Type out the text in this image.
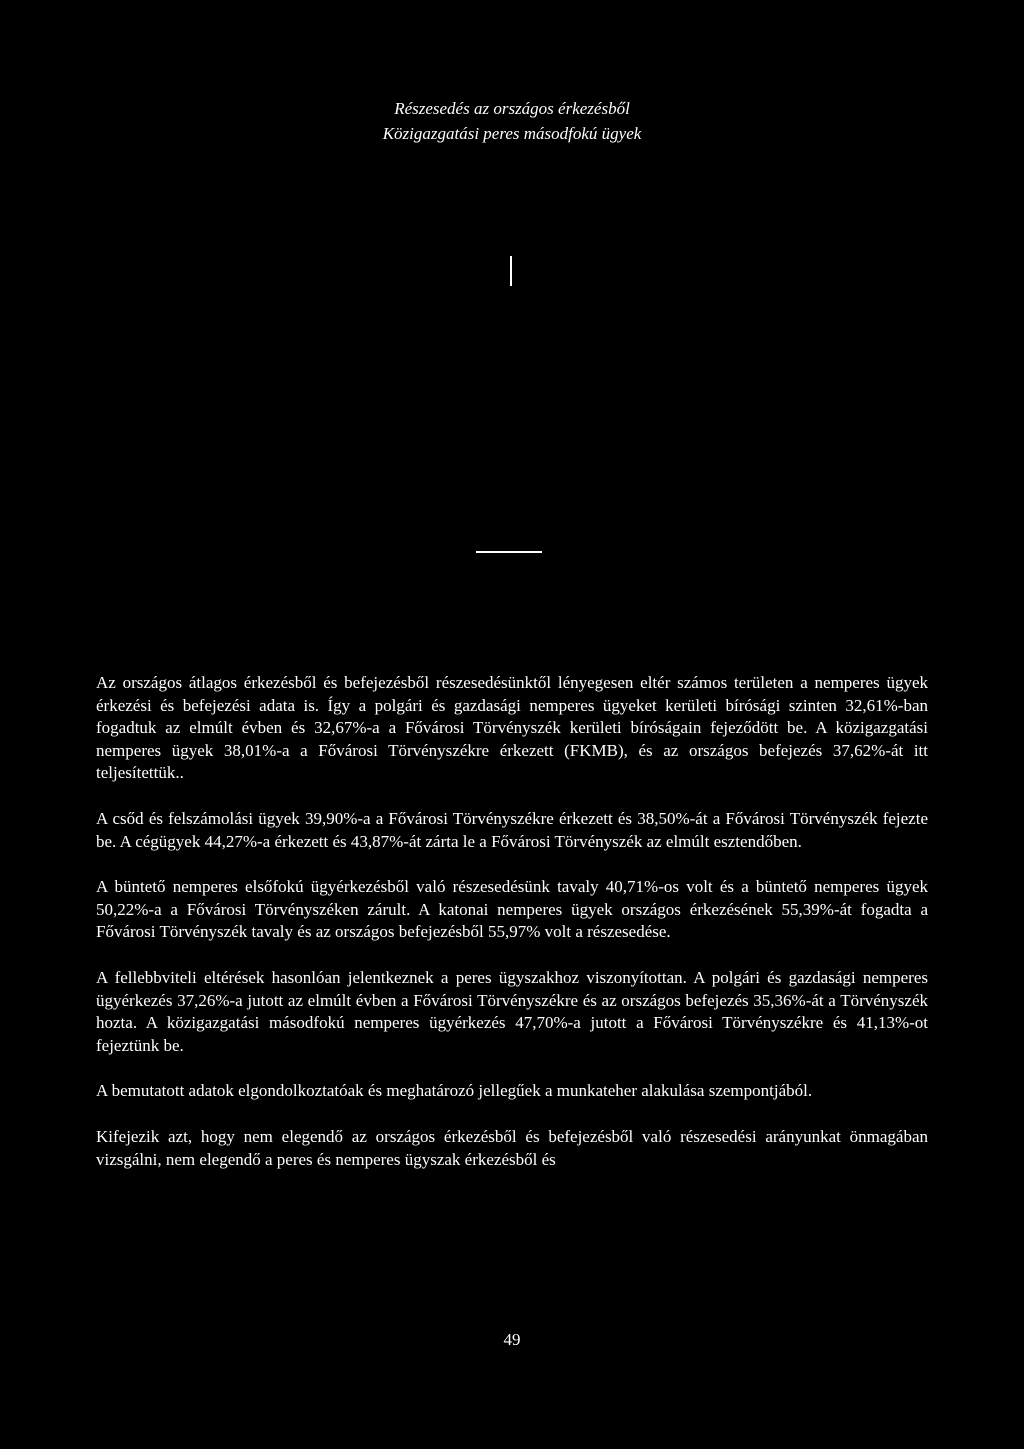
Részesedés az országos érkezésből
Közigazgatási peres másodfokú ügyek

Az országos átlagos érkezésből és befejezésből részesedésünktől lényegesen eltér számos területen a nemperes ügyek érkezési és befejezési adata is. Így a polgári és gazdasági nemperes ügyeket kerületi bírósági szinten 32,61%-ban fogadtuk az elmúlt évben és 32,67%-a a Fővárosi Törvényszék kerületi bíróságain fejeződött be. A közigazgatási nemperes ügyek 38,01%-a a Fővárosi Törvényszékre érkezett (FKMB), és az országos befejezés 37,62%-át itt teljesítettük..

A csőd és felszámolási ügyek 39,90%-a a Fővárosi Törvényszékre érkezett és 38,50%-át a Fővárosi Törvényszék fejezte be. A cégügyek 44,27%-a érkezett és 43,87%-át zárta le a Fővárosi Törvényszék az elmúlt esztendőben.

A büntető nemperes elsőfokú ügyérkezésből való részesedésünk tavaly 40,71%-os volt és a büntető nemperes ügyek 50,22%-a a Fővárosi Törvényszéken zárult. A katonai nemperes ügyek országos érkezésének 55,39%-át fogadta a Fővárosi Törvényszék tavaly és az országos befejezésből 55,97% volt a részesedése.

A fellebbviteli eltérések hasonlóan jelentkeznek a peres ügyszakhoz viszonyítottan. A polgári és gazdasági nemperes ügyérkezés 37,26%-a jutott az elmúlt évben a Fővárosi Törvényszékre és az országos befejezés 35,36%-át a Törvényszék hozta. A közigazgatási másodfokú nemperes ügyérkezés 47,70%-a jutott a Fővárosi Törvényszékre és 41,13%-ot fejeztünk be.

A bemutatott adatok elgondolkoztatóak és meghatározó jellegűek a munkateher alakulása szempontjából.

Kifejezik azt, hogy nem elegendő az országos érkezésből és befejezésből való részesedési arányunkat önmagában vizsgálni, nem elegendő a peres és nemperes ügyszak érkezésből és

49
